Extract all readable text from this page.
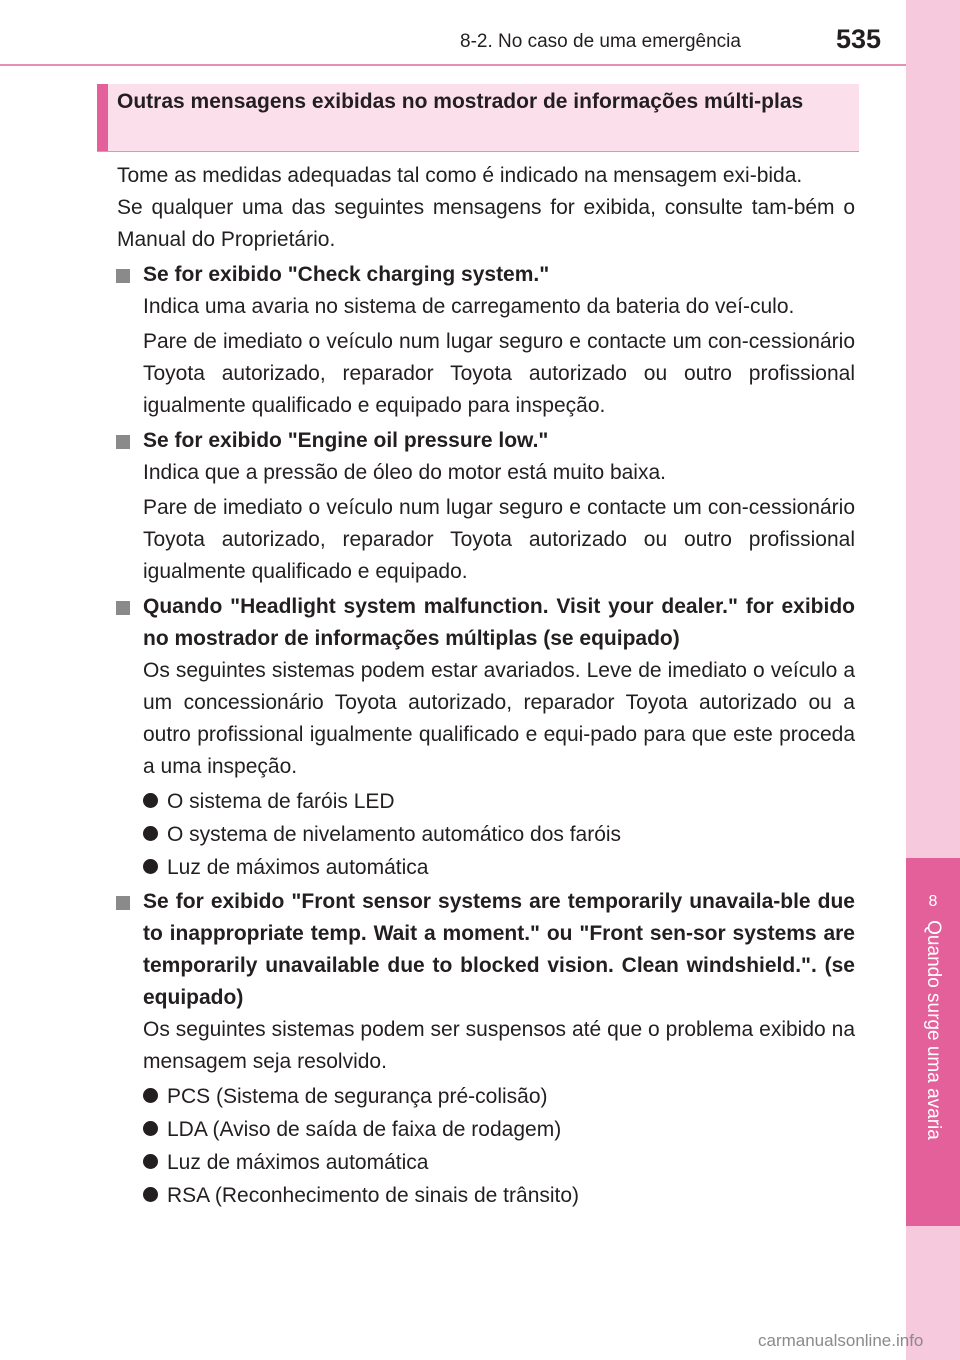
8
Quando surge uma avaria
8-2. No caso de uma emergência	535
Outras mensagens exibidas no mostrador de informações múlti-plas

Tome as medidas adequadas tal como é indicado na mensagem exi-bida.

Se qualquer uma das seguintes mensagens for exibida, consulte tam-bém o Manual do Proprietário.

Se for exibido "Check charging system."

Indica uma avaria no sistema de carregamento da bateria do veí-culo.

Pare de imediato o veículo num lugar seguro e contacte um con-cessionário Toyota autorizado, reparador Toyota autorizado ou outro profissional igualmente qualificado e equipado para inspeção.

Se for exibido "Engine oil pressure low."

Indica que a pressão de óleo do motor está muito baixa.

Pare de imediato o veículo num lugar seguro e contacte um con-cessionário Toyota autorizado, reparador Toyota autorizado ou outro profissional igualmente qualificado e equipado.

Quando "Headlight system malfunction. Visit your dealer." for exibido no mostrador de informações múltiplas (se equipado)

Os seguintes sistemas podem estar avariados. Leve de imediato o veículo a um concessionário Toyota autorizado, reparador Toyota autorizado ou a outro profissional igualmente qualificado e equi-pado para que este proceda a uma inspeção.

O sistema de faróis LED
O systema de nivelamento automático dos faróis
Luz de máximos automática

Se for exibido "Front sensor systems are temporarily unavaila-ble due to inappropriate temp. Wait a moment." ou "Front sen-sor systems are temporarily unavailable due to blocked vision. Clean windshield.". (se equipado)

Os seguintes sistemas podem ser suspensos até que o problema exibido na mensagem seja resolvido.

PCS (Sistema de segurança pré-colisão)
LDA (Aviso de saída de faixa de rodagem)
Luz de máximos automática
RSA (Reconhecimento de sinais de trânsito)
carmanualsonline.info
